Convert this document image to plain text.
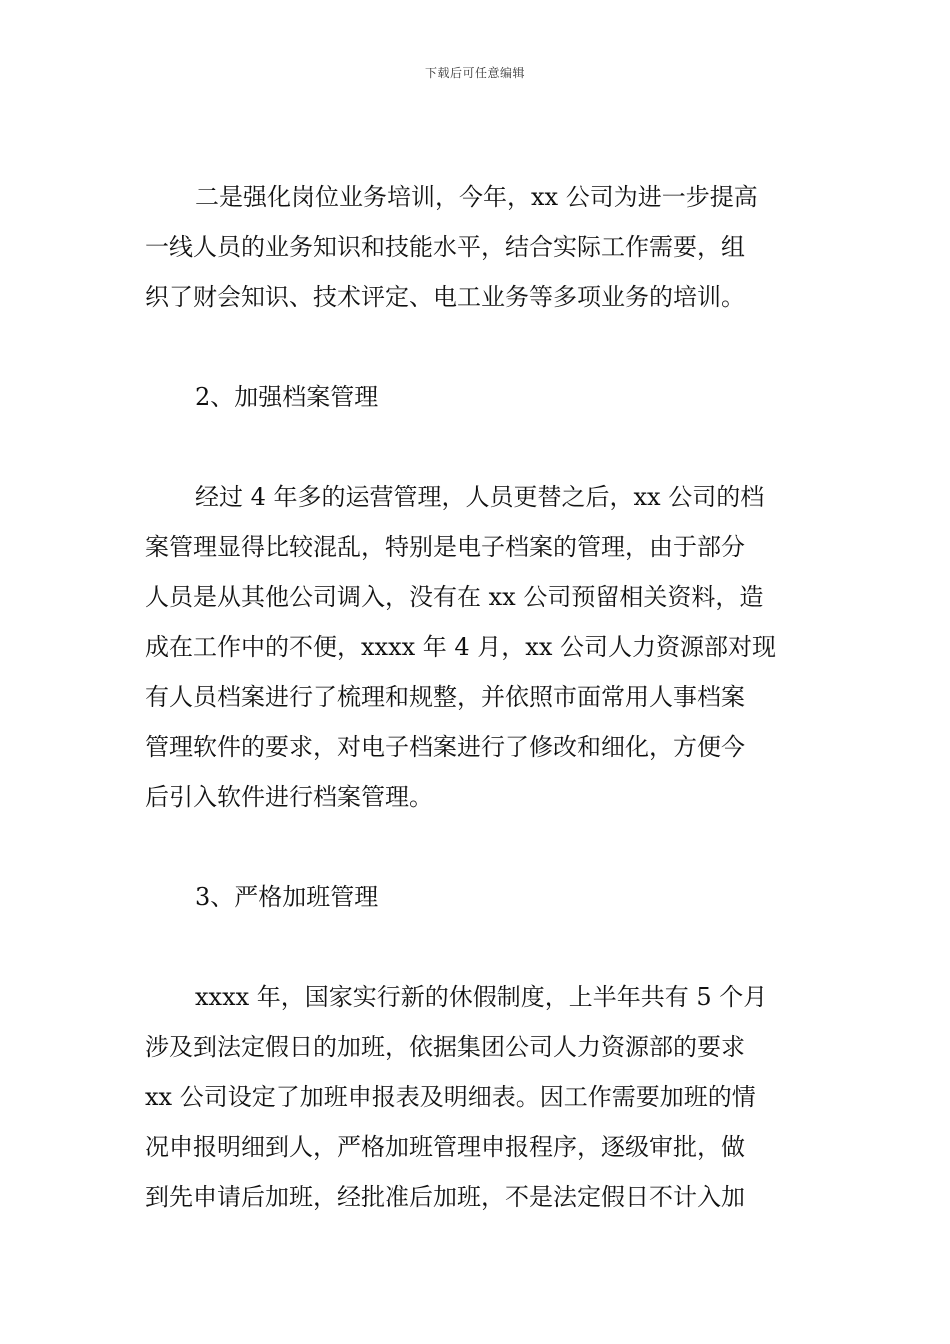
下载后可任意编辑
二是强化岗位业务培训，今年，xx 公司为进一步提高
一线人员的业务知识和技能水平，结合实际工作需要，组
织了财会知识、技术评定、电工业务等多项业务的培训。
2、加强档案管理
经过 4 年多的运营管理，人员更替之后，xx 公司的档
案管理显得比较混乱，特别是电子档案的管理，由于部分
人员是从其他公司调入，没有在 xx 公司预留相关资料，造
成在工作中的不便，xxxx 年 4 月，xx 公司人力资源部对现
有人员档案进行了梳理和规整，并依照市面常用人事档案
管理软件的要求，对电子档案进行了修改和细化，方便今
后引入软件进行档案管理。
3、严格加班管理
xxxx 年，国家实行新的休假制度，上半年共有 5 个月
涉及到法定假日的加班，依据集团公司人力资源部的要求
xx 公司设定了加班申报表及明细表。因工作需要加班的情
况申报明细到人，严格加班管理申报程序，逐级审批，做
到先申请后加班，经批准后加班，不是法定假日不计入加
